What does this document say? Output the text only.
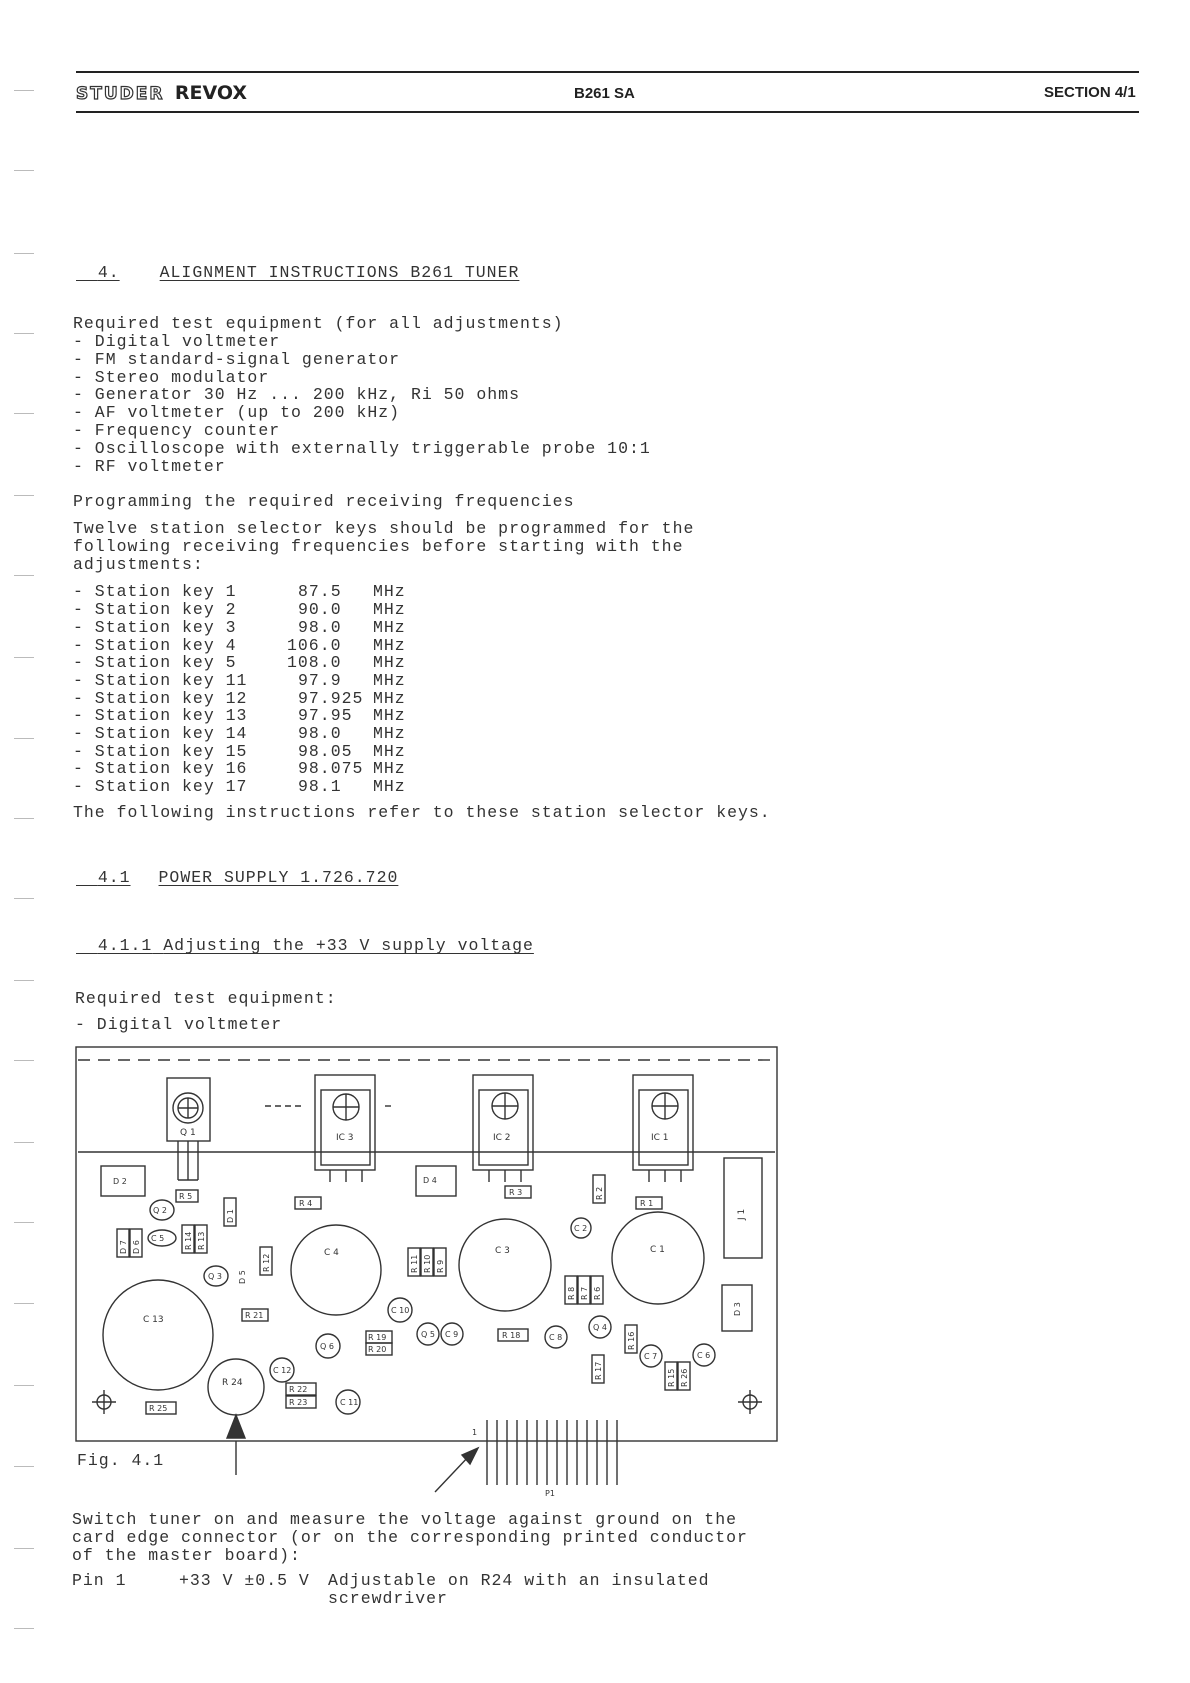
STUDER REVOX	B261 SA	SECTION 4/1

4. ALIGNMENT INSTRUCTIONS B261 TUNER

Required test equipment (for all adjustments)
- Digital voltmeter
- FM standard-signal generator
- Stereo modulator
- Generator 30 Hz ... 200 kHz, Ri 50 ohms
- AF voltmeter (up to 200 kHz)
- Frequency counter
- Oscilloscope with externally triggerable probe 10:1
- RF voltmeter
Programming the required receiving frequencies
Twelve station selector keys should be programmed for the
following receiving frequencies before starting with the
adjustments:
- Station key 1	87.5 MHz
- Station key 2	90.0 MHz
- Station key 3	98.0 MHz
- Station key 4	106.0 MHz
- Station key 5	108.0 MHz
- Station key 11	97.9 MHz
- Station key 12	97.925 MHz
- Station key 13	97.95 MHz
- Station key 14	98.0 MHz
- Station key 15	98.05 MHz
- Station key 16	98.075 MHz
- Station key 17	98.1 MHz
The following instructions refer to these station selector keys.

4.1 POWER SUPPLY 1.726.720

4.1.1 Adjusting the +33 V supply voltage

Required test equipment:
- Digital voltmeter
Q 1	IC 3	IC 2	IC 1
J 1
D 2	D 4
D 3
C 4	C 3	C 1
C 13
R 24
R 5
R 4
R 3
R 1
R 2
R 12
R 14 R 13
R 11 R 10 R 9
R 8 R 7 R 6
R 21
R 19
R 20
R 18
R 22
R 23
R 25
R 16
R 17	R 15 R 26
D 1
D 7 D 6
D 5
Q 2
C 5
Q 3
C 2
C 10
Q 5 C 9
Q 6
C 8
Q 4
C 7	C 6
C 12
C 11
1
P1
Fig. 4.1
Switch tuner on and measure the voltage against ground on the
card edge connector (or on the corresponding printed conductor
of the master board):
Pin 1	+33 V ±0.5 V Adjustable on R24 with an insulated
screwdriver
